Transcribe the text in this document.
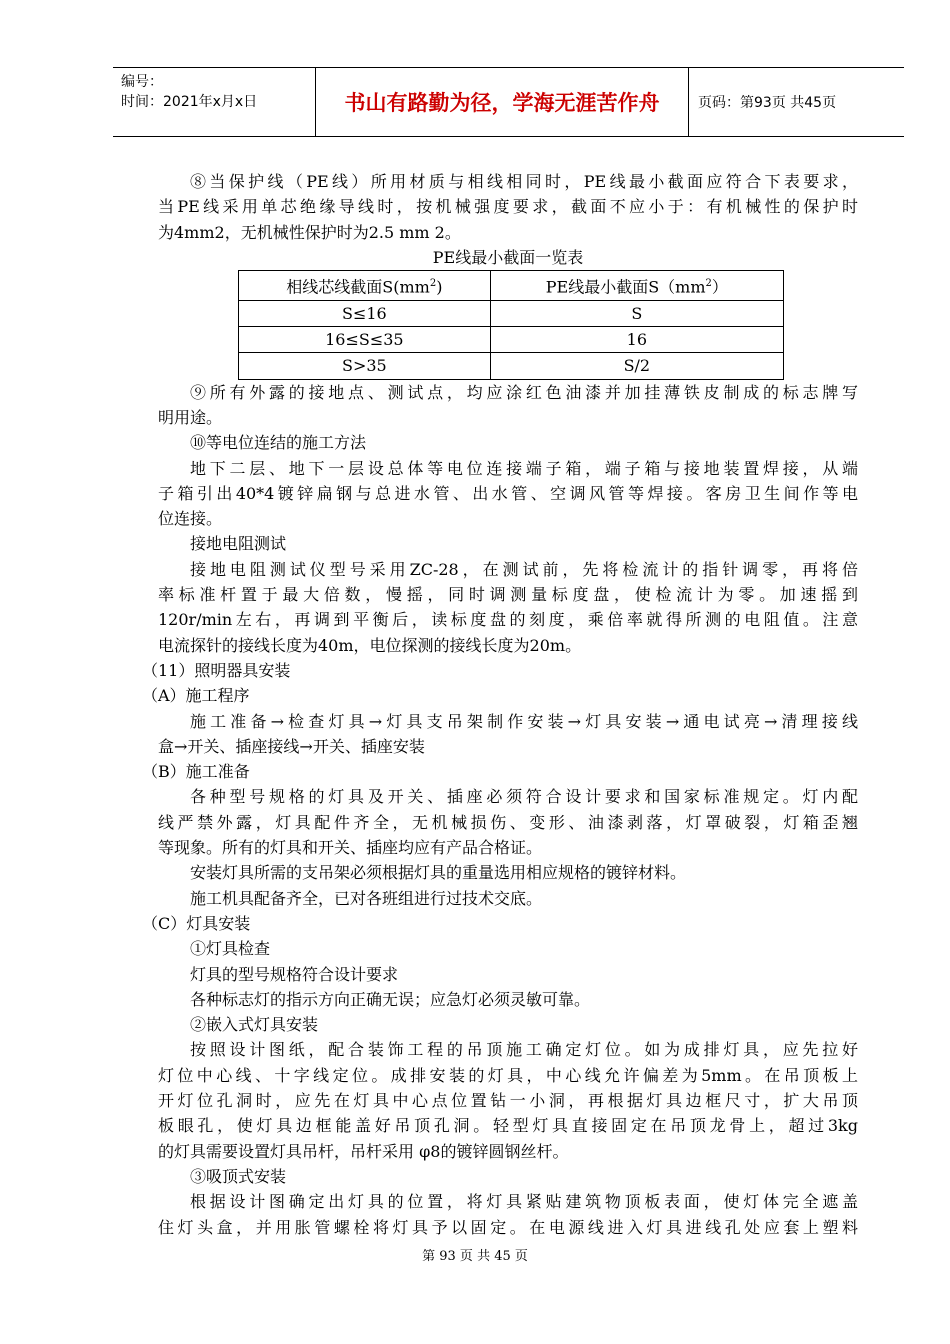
编号：
时间：2021年x月x日	书山有路勤为径，学海无涯苦作舟	页码：第93页 共45页

⑧当保护线（PE线）所用材质与相线相同时，PE线最小截面应符合下表要求，

当PE线采用单芯绝缘导线时，按机械强度要求，截面不应小于：有机械性的保护时

为4mm2，无机械性保护时为2.5 mm 2。

PE线最小截面一览表

相线芯线截面$S(mm^2)$	PE线最小截面$S(mm^2)$
S≤16	S
16≤S≤35	16
S>35	S/2

⑨所有外露的接地点、测试点，均应涂红色油漆并加挂薄铁皮制成的标志牌写

明用途。

⑩等电位连结的施工方法

地下二层、地下一层设总体等电位连接端子箱，端子箱与接地装置焊接，从端

子箱引出40*4镀锌扁钢与总进水管、出水管、空调风管等焊接。客房卫生间作等电

位连接。

接地电阻测试

接地电阻测试仪型号采用ZC-28，在测试前，先将检流计的指针调零，再将倍

率标准杆置于最大倍数，慢摇，同时调测量标度盘，使检流计为零。加速摇到

120r/min左右，再调到平衡后，读标度盘的刻度，乘倍率就得所测的电阻值。注意

电流探针的接线长度为40m，电位探测的接线长度为20m。

（11）照明器具安装

（A）施工程序

施工准备→检查灯具→灯具支吊架制作安装→灯具安装→通电试亮→清理接线

盒→开关、插座接线→开关、插座安装

（B）施工准备

各种型号规格的灯具及开关、插座必须符合设计要求和国家标准规定。灯内配

线严禁外露，灯具配件齐全，无机械损伤、变形、油漆剥落，灯罩破裂，灯箱歪翘

等现象。所有的灯具和开关、插座均应有产品合格证。

安装灯具所需的支吊架必须根据灯具的重量选用相应规格的镀锌材料。

施工机具配备齐全，已对各班组进行过技术交底。

（C）灯具安装

①灯具检查

灯具的型号规格符合设计要求

各种标志灯的指示方向正确无误；应急灯必须灵敏可靠。

②嵌入式灯具安装

按照设计图纸，配合装饰工程的吊顶施工确定灯位。如为成排灯具，应先拉好

灯位中心线、十字线定位。成排安装的灯具，中心线允许偏差为5mm。在吊顶板上

开灯位孔洞时，应先在灯具中心点位置钻一小洞，再根据灯具边框尺寸，扩大吊顶

板眼孔，使灯具边框能盖好吊顶孔洞。轻型灯具直接固定在吊顶龙骨上，超过3kg

的灯具需要设置灯具吊杆，吊杆采用 φ8的镀锌圆钢丝杆。

③吸顶式安装

根据设计图确定出灯具的位置，将灯具紧贴建筑物顶板表面，使灯体完全遮盖

住灯头盒，并用胀管螺栓将灯具予以固定。在电源线进入灯具进线孔处应套上塑料

第 93 页 共 45 页
